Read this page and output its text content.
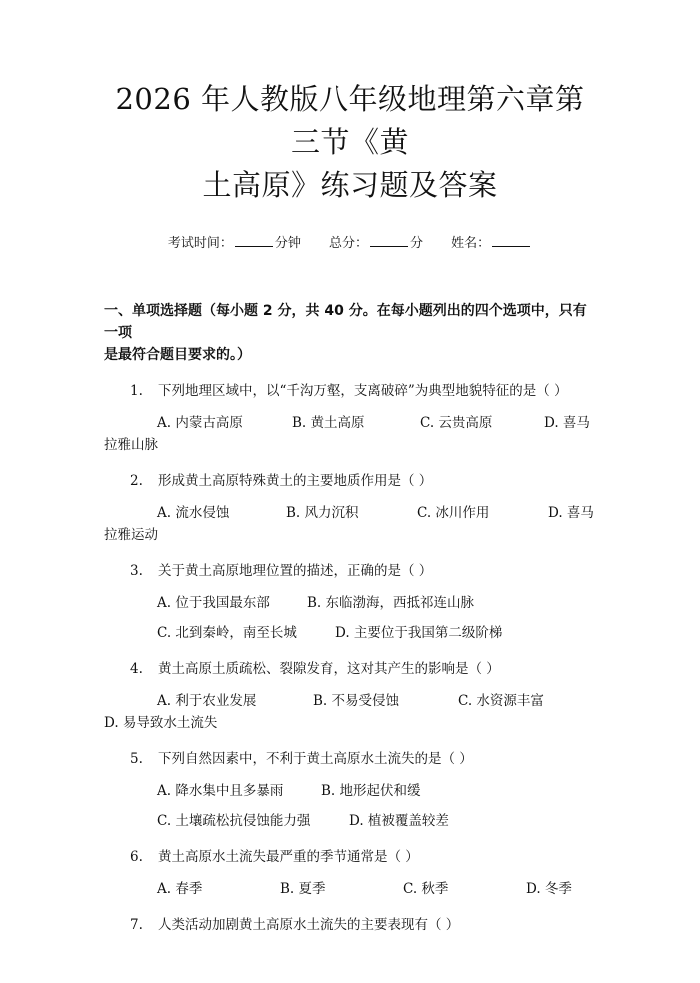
2026 年人教版八年级地理第六章第三节《黄
土高原》练习题及答案
考试时间：	分钟 总分：	分 姓名：
一、单项选择题（每小题 2 分，共 40 分。在每小题列出的四个选项中，只有一项
是最符合题目要求的。）
1. 下列地理区域中，以“千沟万壑，支离破碎”为典型地貌特征的是（ ）
A. 内蒙古高原	B. 黄土高原	C. 云贵高原	D. 喜马
拉雅山脉
2. 形成黄土高原特殊黄土的主要地质作用是（ ）
A. 流水侵蚀	B. 风力沉积	C. 冰川作用	D. 喜马
拉雅运动
3. 关于黄土高原地理位置的描述，正确的是（ ）
A. 位于我国最东部	B. 东临渤海，西抵祁连山脉
C. 北到秦岭，南至长城	D. 主要位于我国第二级阶梯
4. 黄土高原土质疏松、裂隙发育，这对其产生的影响是（ ）
A. 利于农业发展	B. 不易受侵蚀	C. 水资源丰富
D. 易导致水土流失
5. 下列自然因素中，不利于黄土高原水土流失的是（ ）
A. 降水集中且多暴雨	B. 地形起伏和缓
C. 土壤疏松抗侵蚀能力强	D. 植被覆盖较差
6. 黄土高原水土流失最严重的季节通常是（ ）
A. 春季	B. 夏季	C. 秋季	D. 冬季
7. 人类活动加剧黄土高原水土流失的主要表现有（ ）
